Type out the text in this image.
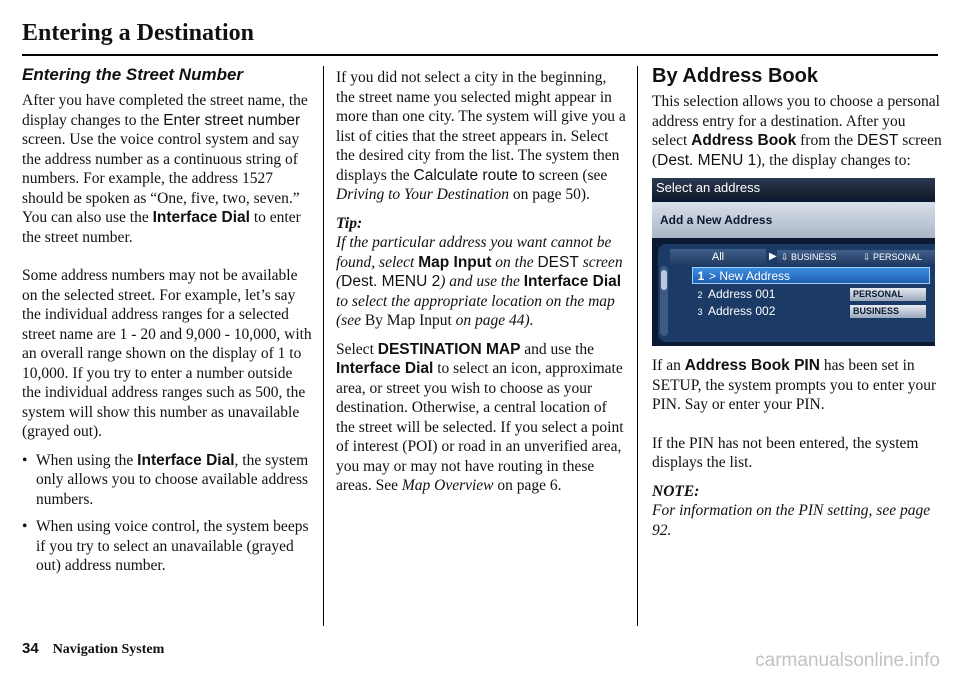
Entering a Destination
Entering the Street Number

After you have completed the street name, the display changes to the Enter street number screen. Use the voice control system and say the address number as a continuous string of numbers. For example, the address 1527 should be spoken as “One, five, two, seven.” You can also use the Interface Dial to enter the street number.

Some address numbers may not be available on the selected street. For example, let’s say the individual address ranges for a selected street name are 1 - 20 and 9,000 - 10,000, with an overall range shown on the display of 1 to 10,000. If you try to enter a number outside the individual address ranges such as 500, the system will show this number as unavailable (grayed out).

• When using the Interface Dial, the system only allows you to choose available address numbers.
• When using voice control, the system beeps if you try to select an unavailable (grayed out) address number.

If you did not select a city in the beginning, the street name you selected might appear in more than one city. The system will give you a list of cities that the street appears in. Select the desired city from the list. The system then displays the Calculate route to screen (see Driving to Your Destination on page 50).

Tip:

If the particular address you want cannot be found, select Map Input on the DEST screen (Dest. MENU 2) and use the Interface Dial to select the appropriate location on the map (see By Map Input on page 44).

Select DESTINATION MAP and use the Interface Dial to select an icon, approximate area, or street you wish to choose as your destination. Otherwise, a central location of the street will be selected. If you select a point of interest (POI) or road in an unverified area, you may or may not have routing in these areas. See Map Overview on page 6.

By Address Book

This selection allows you to choose a personal address entry for a destination. After you select Address Book from the DEST screen (Dest. MENU 1), the display changes to:

Select an address
Add a New Address
All	▶ ⇩ BUSINESS	⇩ PERSONAL
1 > New Address
2 Address 001	PERSONAL
3 Address 002	BUSINESS

If an Address Book PIN has been set in SETUP, the system prompts you to enter your PIN. Say or enter your PIN.

If the PIN has not been entered, the system displays the list.

NOTE:

For information on the PIN setting, see page 92.

34 Navigation System
carmanualsonline.info
